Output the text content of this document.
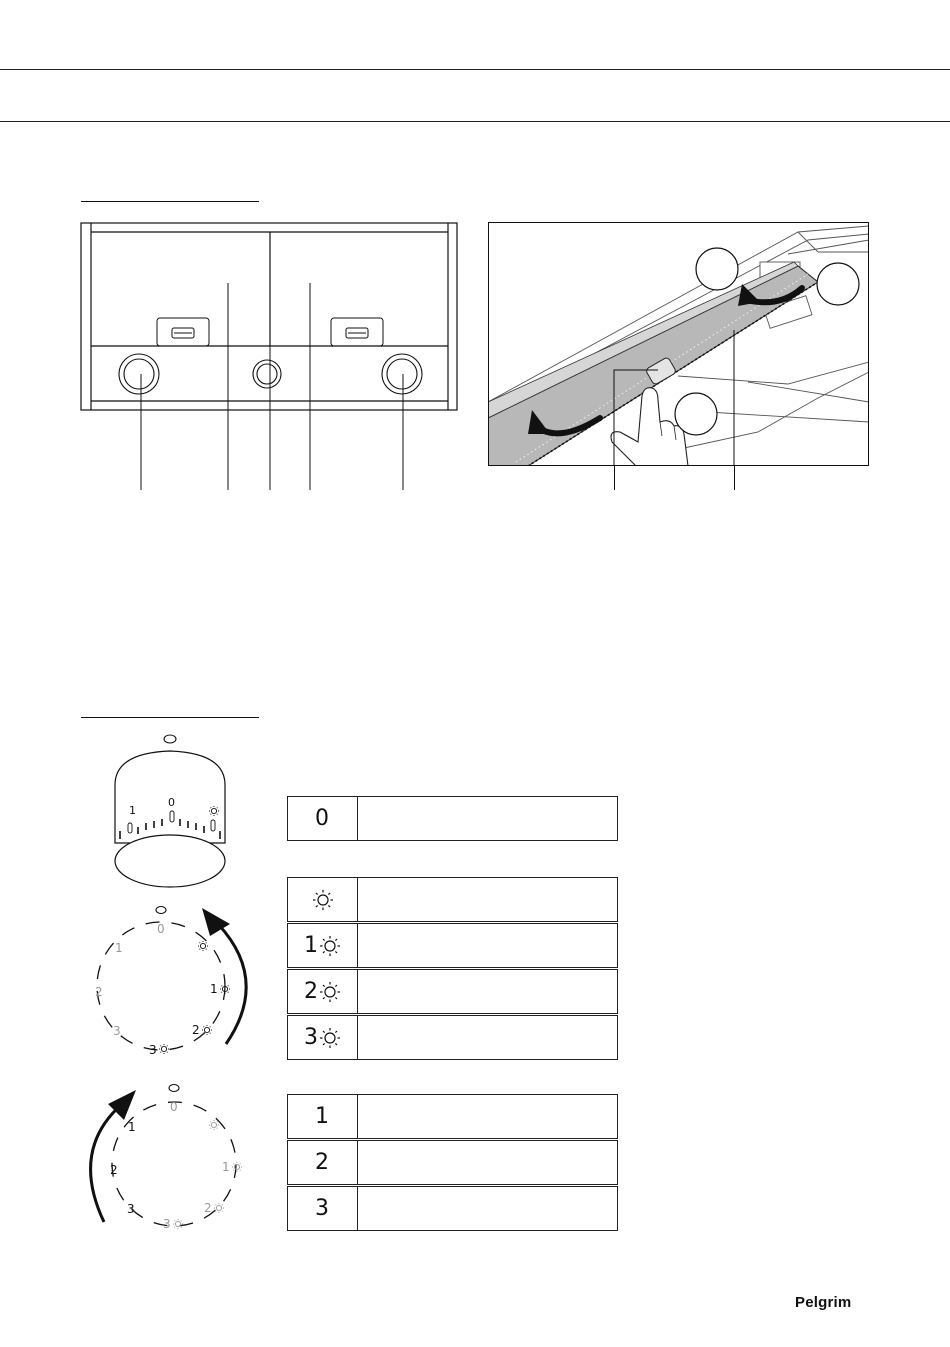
1
0
0
1
2
3
1
2
3
0
1
2
3
1
2
3
0
1
2
3
1
2
3
Pelgrim
